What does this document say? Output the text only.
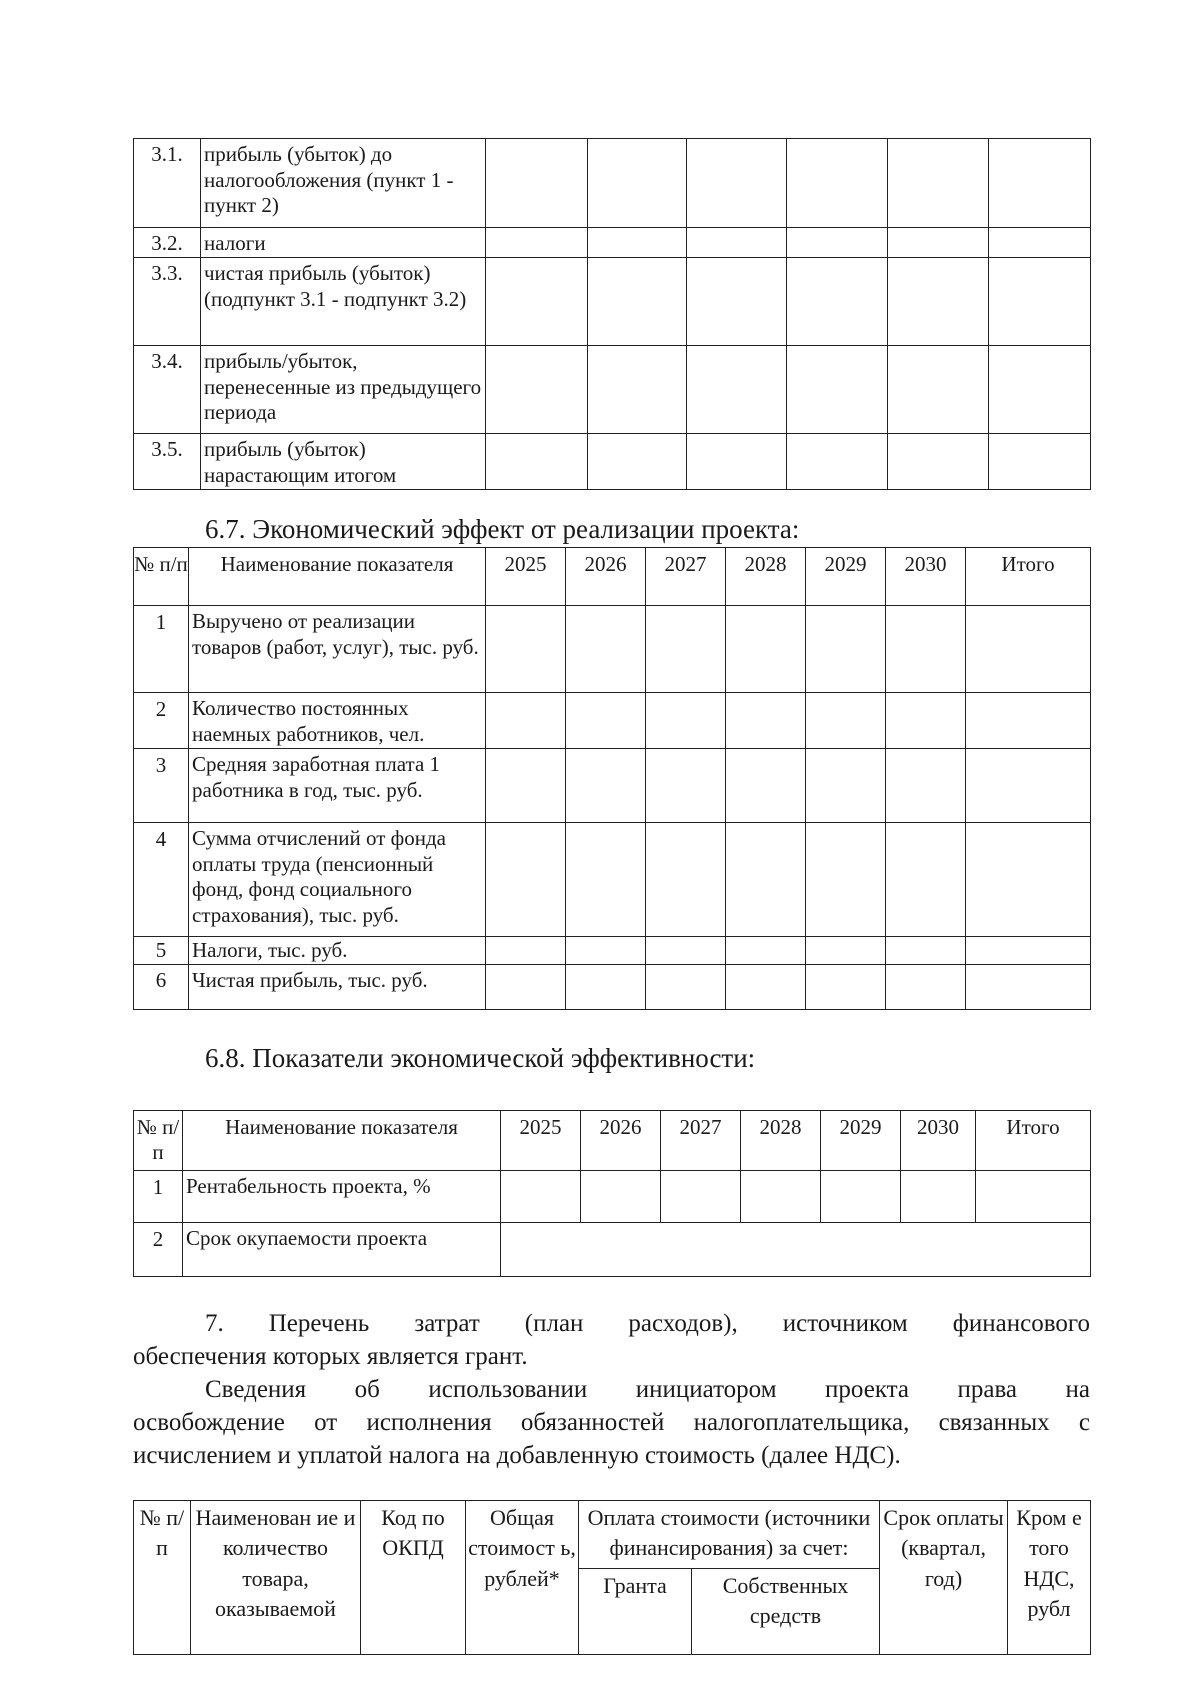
3.1.	прибыль (убыток) до налогообложения (пункт 1 - пункт 2)						
3.2.	налоги						
3.3.	чистая прибыль (убыток) (подпункт 3.1 - подпункт 3.2)						
3.4.	прибыль/убыток, перенесенные из предыдущего периода						
3.5.	прибыль (убыток) нарастающим итогом						
6.7. Экономический эффект от реализации проекта:
№ п/п	Наименование показателя	2025	2026	2027	2028	2029	2030	Итого
1	Выручено от реализации товаров (работ, услуг), тыс. руб.							
2	Количество постоянных наемных работников, чел.							
3	Средняя заработная плата 1 работника в год, тыс. руб.							
4	Сумма отчислений от фонда оплаты труда (пенсионный фонд, фонд социального страхования), тыс. руб.							
5	Налоги, тыс. руб.							
6	Чистая прибыль, тыс. руб.							
6.8. Показатели экономической эффективности:
№ п/п	Наименование показателя	2025	2026	2027	2028	2029	2030	Итого
1	Рентабельность проекта, %							
2	Срок окупаемости проекта							
7. Перечень затрат (план расходов), источником финансового
обеспечения которых является грант.
Сведения об использовании инициатором проекта права на
освобождение от исполнения обязанностей налогоплательщика, связанных с
исчислением и уплатой налога на добавленную стоимость (далее НДС).
№ п/п	Наименован ие и количество товара, оказываемой	Код по ОКПД	Общая стоимост ь, рублей*	Оплата стоимости (источники финансирования) за счет:		Срок оплаты (квартал, год)	Кром е того НДС, рубл
				Гранта	Собственных средств		
